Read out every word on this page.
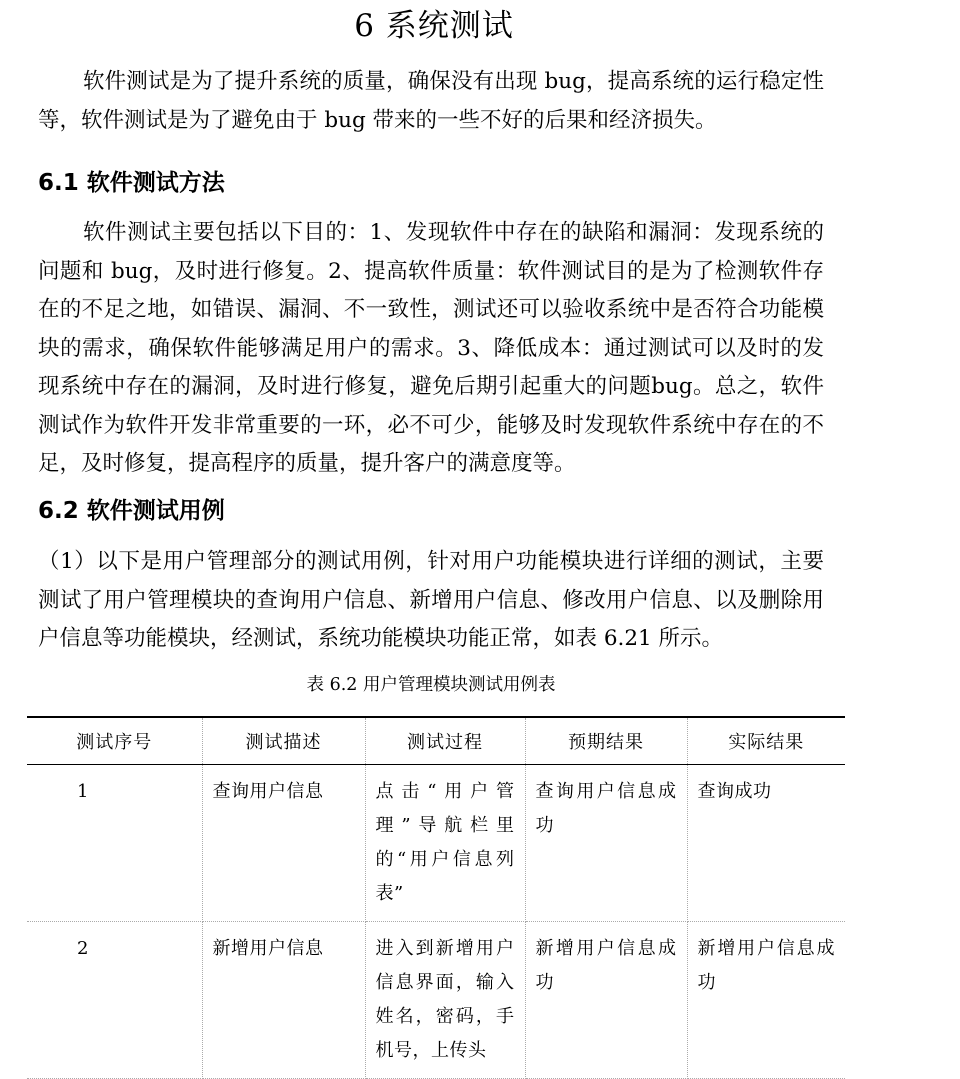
6 系统测试

软件测试是为了提升系统的质量，确保没有出现 bug，提高系统的运行稳定性等，软件测试是为了避免由于 bug 带来的一些不好的后果和经济损失。

6.1 软件测试方法

软件测试主要包括以下目的：1、发现软件中存在的缺陷和漏洞：发现系统的问题和 bug，及时进行修复。2、提高软件质量：软件测试目的是为了检测软件存在的不足之地，如错误、漏洞、不一致性，测试还可以验收系统中是否符合功能模块的需求，确保软件能够满足用户的需求。3、降低成本：通过测试可以及时的发现系统中存在的漏洞，及时进行修复，避免后期引起重大的问题bug。总之，软件测试作为软件开发非常重要的一环，必不可少，能够及时发现软件系统中存在的不足，及时修复，提高程序的质量，提升客户的满意度等。

6.2 软件测试用例

（1）以下是用户管理部分的测试用例，针对用户功能模块进行详细的测试，主要测试了用户管理模块的查询用户信息、新增用户信息、修改用户信息、以及删除用户信息等功能模块，经测试，系统功能模块功能正常，如表 6.21 所示。

表 6.2 用户管理模块测试用例表

测试序号	测试描述	测试过程	预期结果	实际结果
1	查询用户信息	点击“用户管理”导航栏里的“用户信息列表”	查询用户信息成功	查询成功
2	新增用户信息	进入到新增用户信息界面，输入姓名，密码，手机号，上传头	新增用户信息成功	新增用户信息成功
